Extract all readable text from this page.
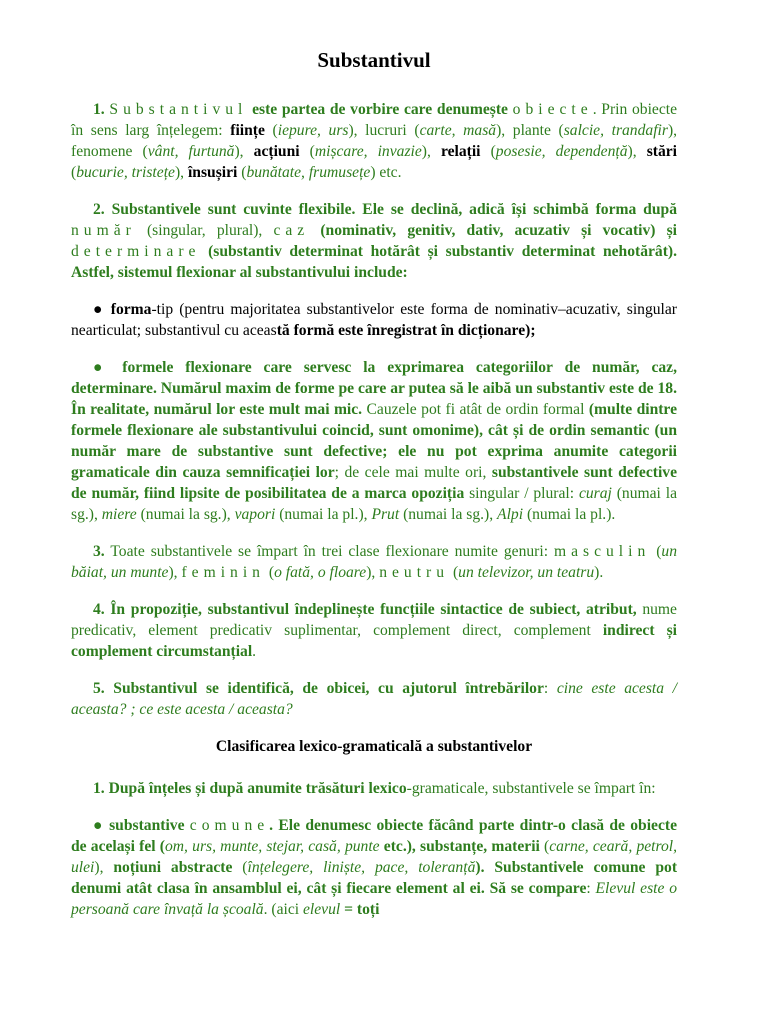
Substantivul

1. Substantivul este partea de vorbire care denumește obiecte. Prin obiecte în sens larg înțelegem: ființe (iepure, urs), lucruri (carte, masă), plante (salcie, trandafir), fenomene (vânt, furtună), acțiuni (mișcare, invazie), relații (posesie, dependență), stări (bucurie, tristețe), însușiri (bunătate, frumusețe) etc.

2. Substantivele sunt cuvinte flexibile. Ele se declină, adică își schimbă forma după număr (singular, plural), caz (nominativ, genitiv, dativ, acuzativ și vocativ) și determinare (substantiv determinat hotărât și substantiv determinat nehotărât). Astfel, sistemul flexionar al substantivului include:

● forma-tip (pentru majoritatea substantivelor este forma de nominativ–acuzativ, singular nearticulat; substantivul cu această formă este înregistrat în dicționare);

● formele flexionare care servesc la exprimarea categoriilor de număr, caz, determinare. Numărul maxim de forme pe care ar putea să le aibă un substantiv este de 18. În realitate, numărul lor este mult mai mic. Cauzele pot fi atât de ordin formal (multe dintre formele flexionare ale substantivului coincid, sunt omonime), cât și de ordin semantic (un număr mare de substantive sunt defective; ele nu pot exprima anumite categorii gramaticale din cauza semnificației lor; de cele mai multe ori, substantivele sunt defective de număr, fiind lipsite de posibilitatea de a marca opoziția singular / plural: curaj (numai la sg.), miere (numai la sg.), vapori (numai la pl.), Prut (numai la sg.), Alpi (numai la pl.).

3. Toate substantivele se împart în trei clase flexionare numite genuri: masculin (un băiat, un munte), feminin (o fată, o floare), neutru (un televizor, un teatru).

4. În propoziție, substantivul îndeplinește funcțiile sintactice de subiect, atribut, nume predicativ, element predicativ suplimentar, complement direct, complement indirect și complement circumstanțial.

5. Substantivul se identifică, de obicei, cu ajutorul întrebărilor: cine este acesta / aceasta? ; ce este acesta / aceasta?

Clasificarea lexico-gramaticală a substantivelor

1. După înțeles și după anumite trăsături lexico-gramaticale, substantivele se împart în:

● substantive comune. Ele denumesc obiecte făcând parte dintr-o clasă de obiecte de același fel (om, urs, munte, stejar, casă, punte etc.), substanțe, materii (carne, ceară, petrol, ulei), noțiuni abstracte (înțelegere, liniște, pace, toleranță). Substantivele comune pot denumi atât clasa în ansamblul ei, cât și fiecare element al ei. Să se compare: Elevul este o persoană care învață la școală. (aici elevul = toți
